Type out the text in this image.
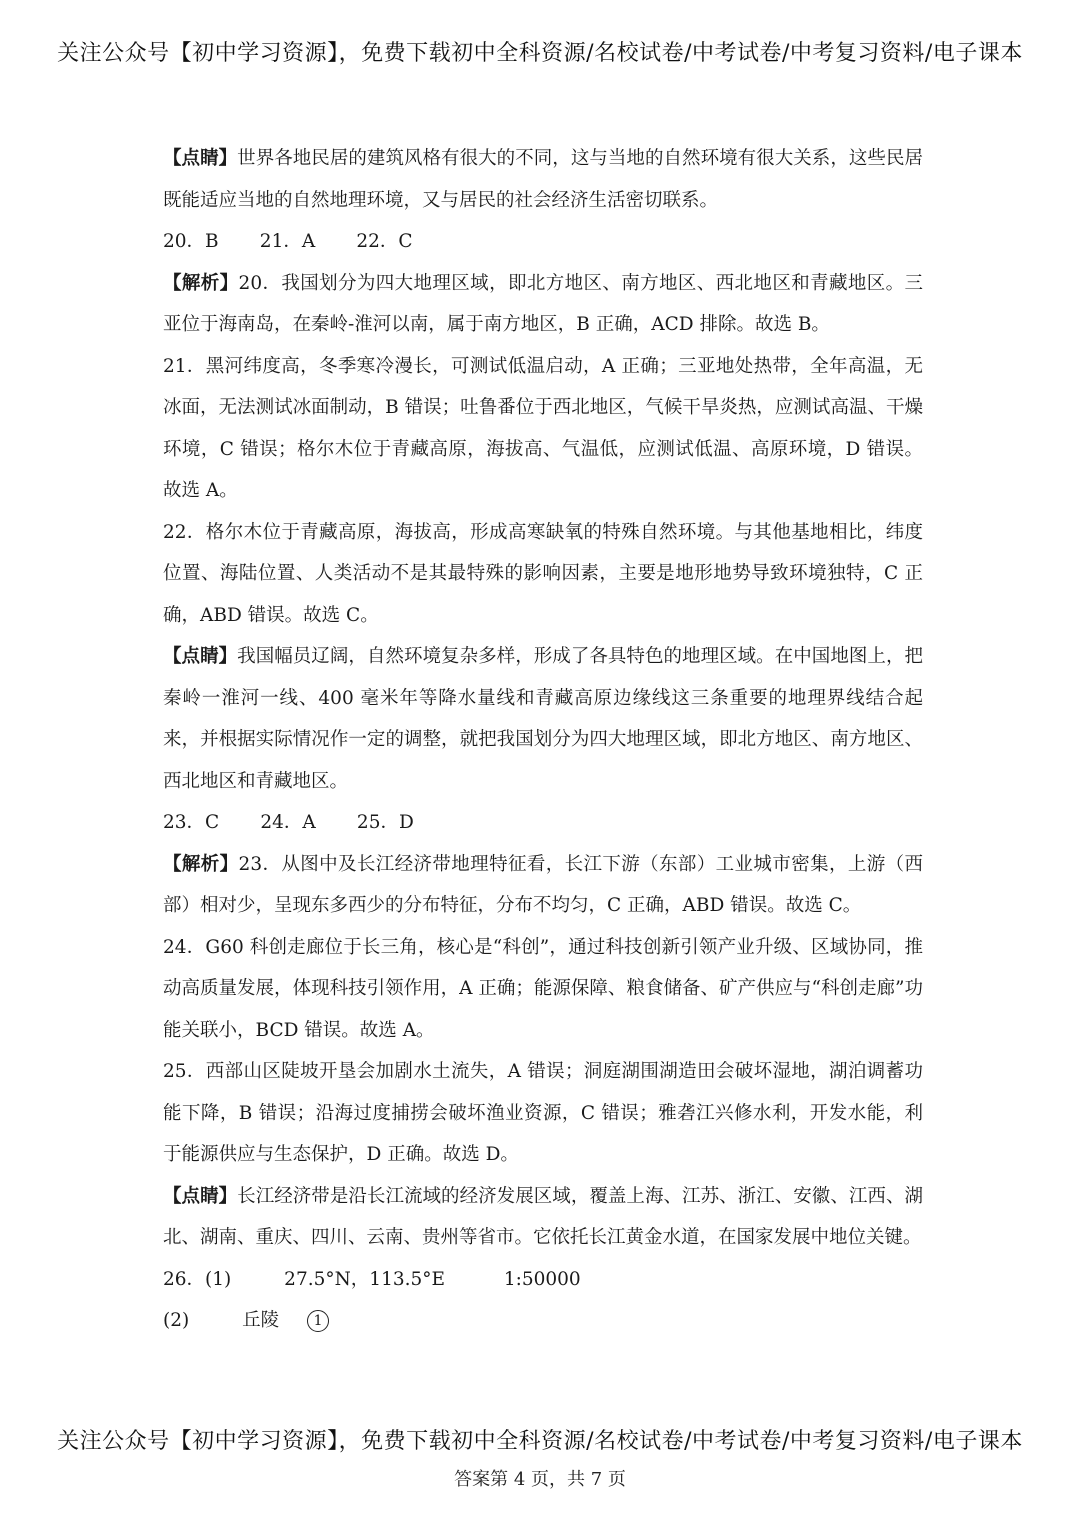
关注公众号【初中学习资源】，免费下载初中全科资源/名校试卷/中考试卷/中考复习资料/电子课本

【点睛】世界各地民居的建筑风格有很大的不同，这与当地的自然环境有很大关系，这些民居既能适应当地的自然地理环境，又与居民的社会经济生活密切联系。

20．B       21．A       22．C

【解析】20．我国划分为四大地理区域，即北方地区、南方地区、西北地区和青藏地区。三亚位于海南岛，在秦岭-淮河以南，属于南方地区，B 正确，ACD 排除。故选 B。

21．黑河纬度高，冬季寒冷漫长，可测试低温启动，A 正确；三亚地处热带，全年高温，无冰面，无法测试冰面制动，B 错误；吐鲁番位于西北地区，气候干旱炎热，应测试高温、干燥环境，C 错误；格尔木位于青藏高原，海拔高、气温低，应测试低温、高原环境，D 错误。故选 A。

22．格尔木位于青藏高原，海拔高，形成高寒缺氧的特殊自然环境。与其他基地相比，纬度位置、海陆位置、人类活动不是其最特殊的影响因素，主要是地形地势导致环境独特，C 正确，ABD 错误。故选 C。

【点睛】我国幅员辽阔，自然环境复杂多样，形成了各具特色的地理区域。在中国地图上，把秦岭一淮河一线、400 毫米年等降水量线和青藏高原边缘线这三条重要的地理界线结合起来，并根据实际情况作一定的调整，就把我国划分为四大地理区域，即北方地区、南方地区、西北地区和青藏地区。

23．C       24．A       25．D

【解析】23．从图中及长江经济带地理特征看，长江下游（东部）工业城市密集，上游（西部）相对少，呈现东多西少的分布特征，分布不均匀，C 正确，ABD 错误。故选 C。

24．G60 科创走廊位于长三角，核心是“科创”，通过科技创新引领产业升级、区域协同，推动高质量发展，体现科技引领作用，A 正确；能源保障、粮食储备、矿产供应与“科创走廊”功能关联小，BCD 错误。故选 A。

25．西部山区陡坡开垦会加剧水土流失，A 错误；洞庭湖围湖造田会破坏湿地，湖泊调蓄功能下降，B 错误；沿海过度捕捞会破坏渔业资源，C 错误；雅砻江兴修水利，开发水能，利于能源供应与生态保护，D 正确。故选 D。

【点睛】长江经济带是沿长江流域的经济发展区域，覆盖上海、江苏、浙江、安徽、江西、湖北、湖南、重庆、四川、云南、贵州等省市。它依托长江黄金水道，在国家发展中地位关键。

26．(1)         27.5°N，113.5°E          1:50000

(2)         丘陵 1

关注公众号【初中学习资源】，免费下载初中全科资源/名校试卷/中考试卷/中考复习资料/电子课本
答案第 4 页，共 7 页
